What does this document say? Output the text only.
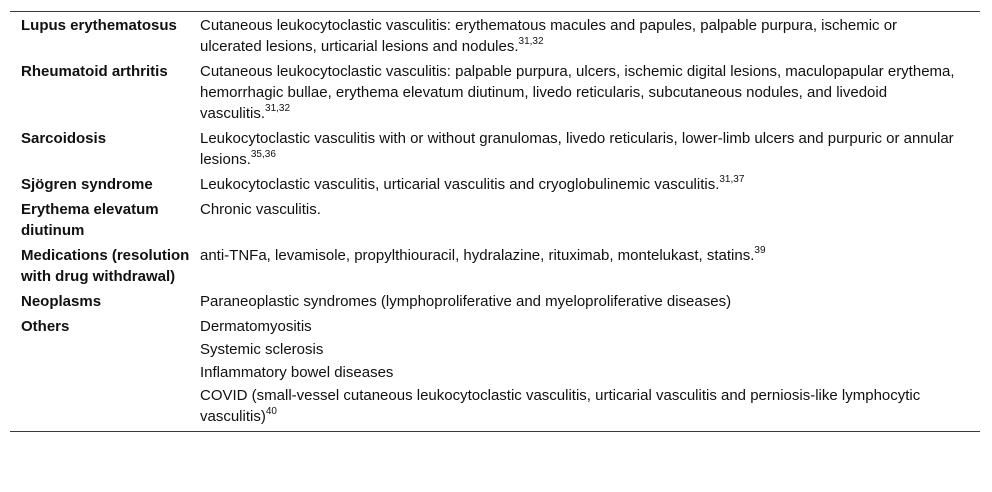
Lupus erythematosus	Cutaneous leukocytoclastic vasculitis: erythematous macules and papules, palpable purpura, ischemic or ulcerated lesions, urticarial lesions and nodules.$^{31,32}$

Rheumatoid arthritis	Cutaneous leukocytoclastic vasculitis: palpable purpura, ulcers, ischemic digital lesions, maculopapular erythema, hemorrhagic bullae, erythema elevatum diutinum, livedo reticularis, subcutaneous nodules, and livedoid vasculitis.$^{31,32}$

Sarcoidosis	Leukocytoclastic vasculitis with or without granulomas, livedo reticularis, lower-limb ulcers and purpuric or annular lesions.$^{35,36}$

Sjögren syndrome	Leukocytoclastic vasculitis, urticarial vasculitis and cryoglobulinemic vasculitis.$^{31,37}$

Erythema elevatum diutinum	Chronic vasculitis.

Medications (resolution with drug withdrawal)	anti-TNFa, levamisole, propylthiouracil, hydralazine, rituximab, montelukast, statins.$^{39}$

Neoplasms	Paraneoplastic syndromes (lymphoproliferative and myeloproliferative diseases)

Others	Dermatomyositis
Systemic sclerosis
Inflammatory bowel diseases
COVID (small-vessel cutaneous leukocytoclastic vasculitis, urticarial vasculitis and perniosis-like lymphocytic vasculitis)$^{40}$
